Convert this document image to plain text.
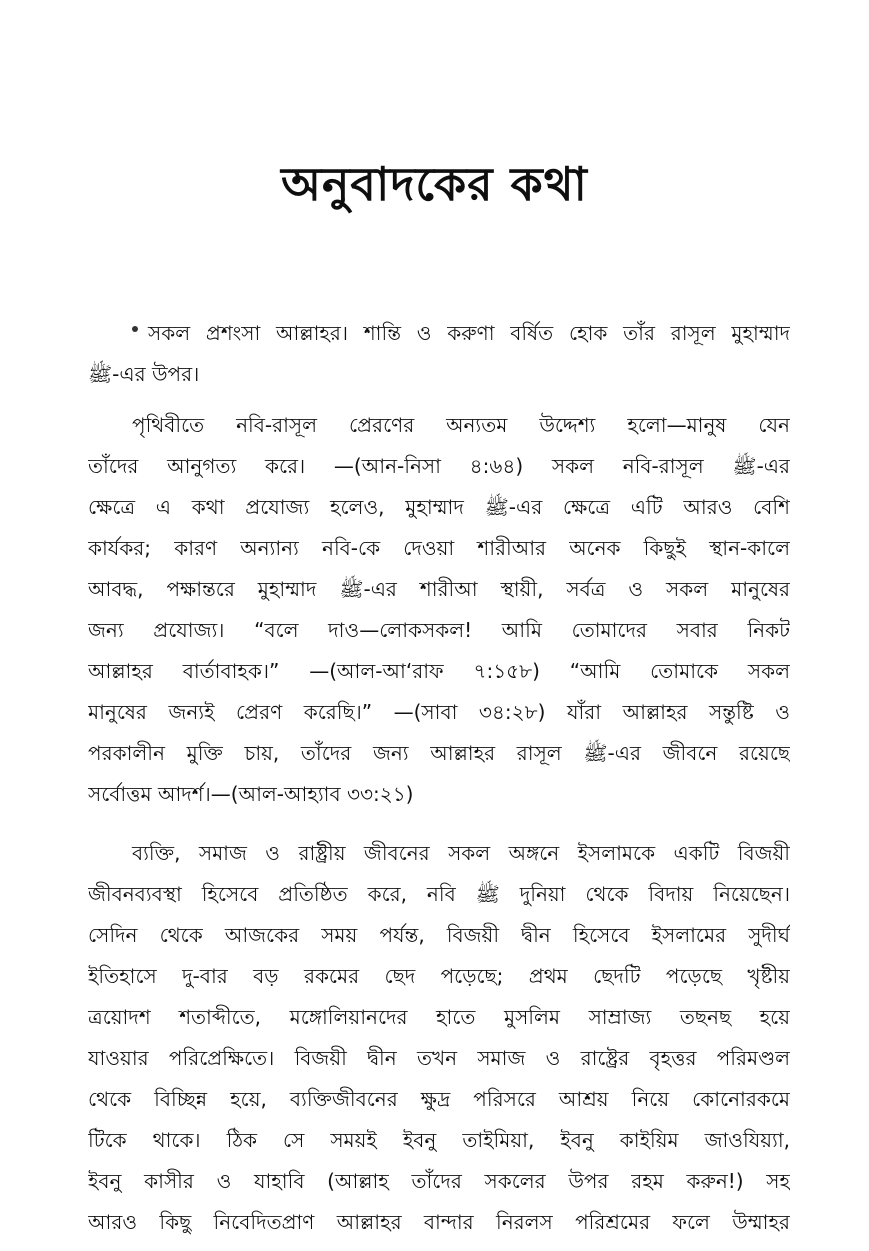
অনুবাদকের কথা
সকল প্রশংসা আল্লাহর। শান্তি ও করুণা বর্ষিত হোক তাঁর রাসূল মুহাম্মাদ
ﷺ-এর উপর।
পৃথিবীতে নবি-রাসূল প্রেরণের অন্যতম উদ্দেশ্য হলো—মানুষ যেন
তাঁদের আনুগত্য করে। —(আন-নিসা ৪:৬৪) সকল নবি-রাসূল ﷺ-এর
ক্ষেত্রে এ কথা প্রযোজ্য হলেও, মুহাম্মাদ ﷺ-এর ক্ষেত্রে এটি আরও বেশি
কার্যকর; কারণ অন্যান্য নবি-কে দেওয়া শারীআর অনেক কিছুই স্থান-কালে
আবদ্ধ, পক্ষান্তরে মুহাম্মাদ ﷺ-এর শারীআ স্থায়ী, সর্বত্র ও সকল মানুষের
জন্য প্রযোজ্য। “বলে দাও—লোকসকল! আমি তোমাদের সবার নিকট
আল্লাহর বার্তাবাহক।” —(আল-আ‘রাফ ৭:১৫৮) “আমি তোমাকে সকল
মানুষের জন্যই প্রেরণ করেছি।” —(সাবা ৩৪:২৮) যাঁরা আল্লাহর সন্তুষ্টি ও
পরকালীন মুক্তি চায়, তাঁদের জন্য আল্লাহর রাসূল ﷺ-এর জীবনে রয়েছে
সর্বোত্তম আদর্শ।—(আল-আহ্যাব ৩৩:২১)
ব্যক্তি, সমাজ ও রাষ্ট্রীয় জীবনের সকল অঙ্গনে ইসলামকে একটি বিজয়ী
জীবনব্যবস্থা হিসেবে প্রতিষ্ঠিত করে, নবি ﷺ দুনিয়া থেকে বিদায় নিয়েছেন।
সেদিন থেকে আজকের সময় পর্যন্ত, বিজয়ী দ্বীন হিসেবে ইসলামের সুদীর্ঘ
ইতিহাসে দু-বার বড় রকমের ছেদ পড়েছে; প্রথম ছেদটি পড়েছে খৃষ্টীয়
ত্রয়োদশ শতাব্দীতে, মঙ্গোলিয়ানদের হাতে মুসলিম সাম্রাজ্য তছনছ হয়ে
যাওয়ার পরিপ্রেক্ষিতে। বিজয়ী দ্বীন তখন সমাজ ও রাষ্ট্রের বৃহত্তর পরিমণ্ডল
থেকে বিচ্ছিন্ন হয়ে, ব্যক্তিজীবনের ক্ষুদ্র পরিসরে আশ্রয় নিয়ে কোনোরকমে
টিকে থাকে। ঠিক সে সময়ই ইবনু তাইমিয়া, ইবনু কাইয়িম জাওযিয়্যা,
ইবনু কাসীর ও যাহাবি (আল্লাহ তাঁদের সকলের উপর রহম করুন!) সহ
আরও কিছু নিবেদিতপ্রাণ আল্লাহর বান্দার নিরলস পরিশ্রমের ফলে উম্মাহর
